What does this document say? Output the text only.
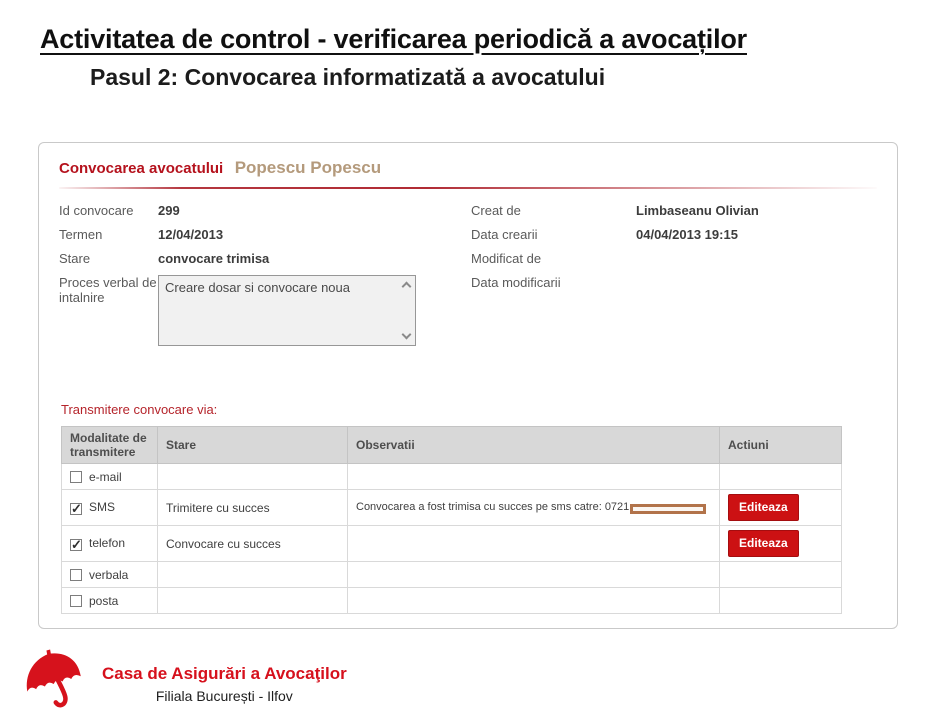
Activitatea de control - verificarea periodică a avocaților
Pasul 2: Convocarea informatizată a avocatului
Convocarea avocatului Popescu Popescu
Id convocare	299
Termen	12/04/2013
Stare	convocare trimisa
Proces verbal de intalnire
Creare dosar si convocare noua
Creat de	Limbaseanu Olivian
Data crearii	04/04/2013 19:15
Modificat de
Data modificarii
Transmitere convocare via:
Modalitate de transmitere	Stare	Observatii	Actiuni
e-mail			
✓ SMS	Trimitere cu succes	Convocarea a fost trimisa cu succes pe sms catre: 0721	Editeaza
✓ telefon	Convocare cu succes		Editeaza
verbala			
posta			
Casa de Asigurări a Avocaţilor
Filiala București - Ilfov
